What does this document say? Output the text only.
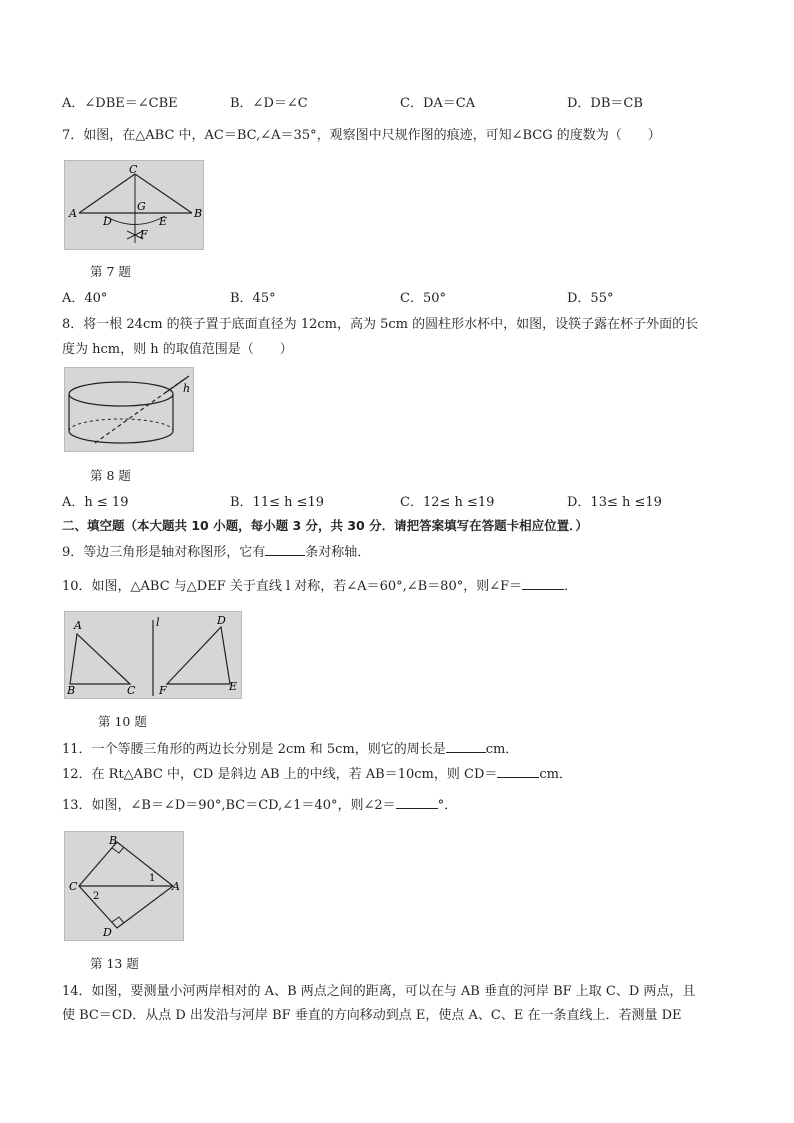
A．∠DBE＝∠CBE	B．∠D＝∠C	C．DA＝CA	D．DB＝CB
7．如图，在△ABC 中，AC＝BC,∠A＝35°，观察图中尺规作图的痕迹，可知∠BCG 的度数为（　　）
C
A
D
G
E
B
F
第 7 题
A．40°	B．45°	C．50°	D．55°
8．将一根 24cm 的筷子置于底面直径为 12cm，高为 5cm 的圆柱形水杯中，如图，设筷子露在杯子外面的长
度为 hcm，则 h 的取值范围是（　　）
h
第 8 题
A．h ≤ 19	B．11≤ h ≤19	C．12≤ h ≤19	D．13≤ h ≤19
二、填空题（本大题共 10 小题，每小题 3 分，共 30 分．请把答案填写在答题卡相应位置．）
9．等边三角形是轴对称图形，它有	条对称轴．
10．如图，△ABC 与△DEF 关于直线 l 对称，若∠A＝60°,∠B＝80°，则∠F＝	．
A	l	D
B	C F	E
第 10 题
11．一个等腰三角形的两边长分别是 2cm 和 5cm，则它的周长是	cm．
12．在 Rt△ABC 中，CD 是斜边 AB 上的中线，若 AB＝10cm，则 CD＝	cm．
13．如图，∠B＝∠D＝90°,BC＝CD,∠1＝40°，则∠2＝	°．
B
C
2
1
A
D
第 13 题
14．如图，要测量小河两岸相对的 A、B 两点之间的距离，可以在与 AB 垂直的河岸 BF 上取 C、D 两点，且
使 BC＝CD．从点 D 出发沿与河岸 BF 垂直的方向移动到点 E，使点 A、C、E 在一条直线上．若测量 DE
